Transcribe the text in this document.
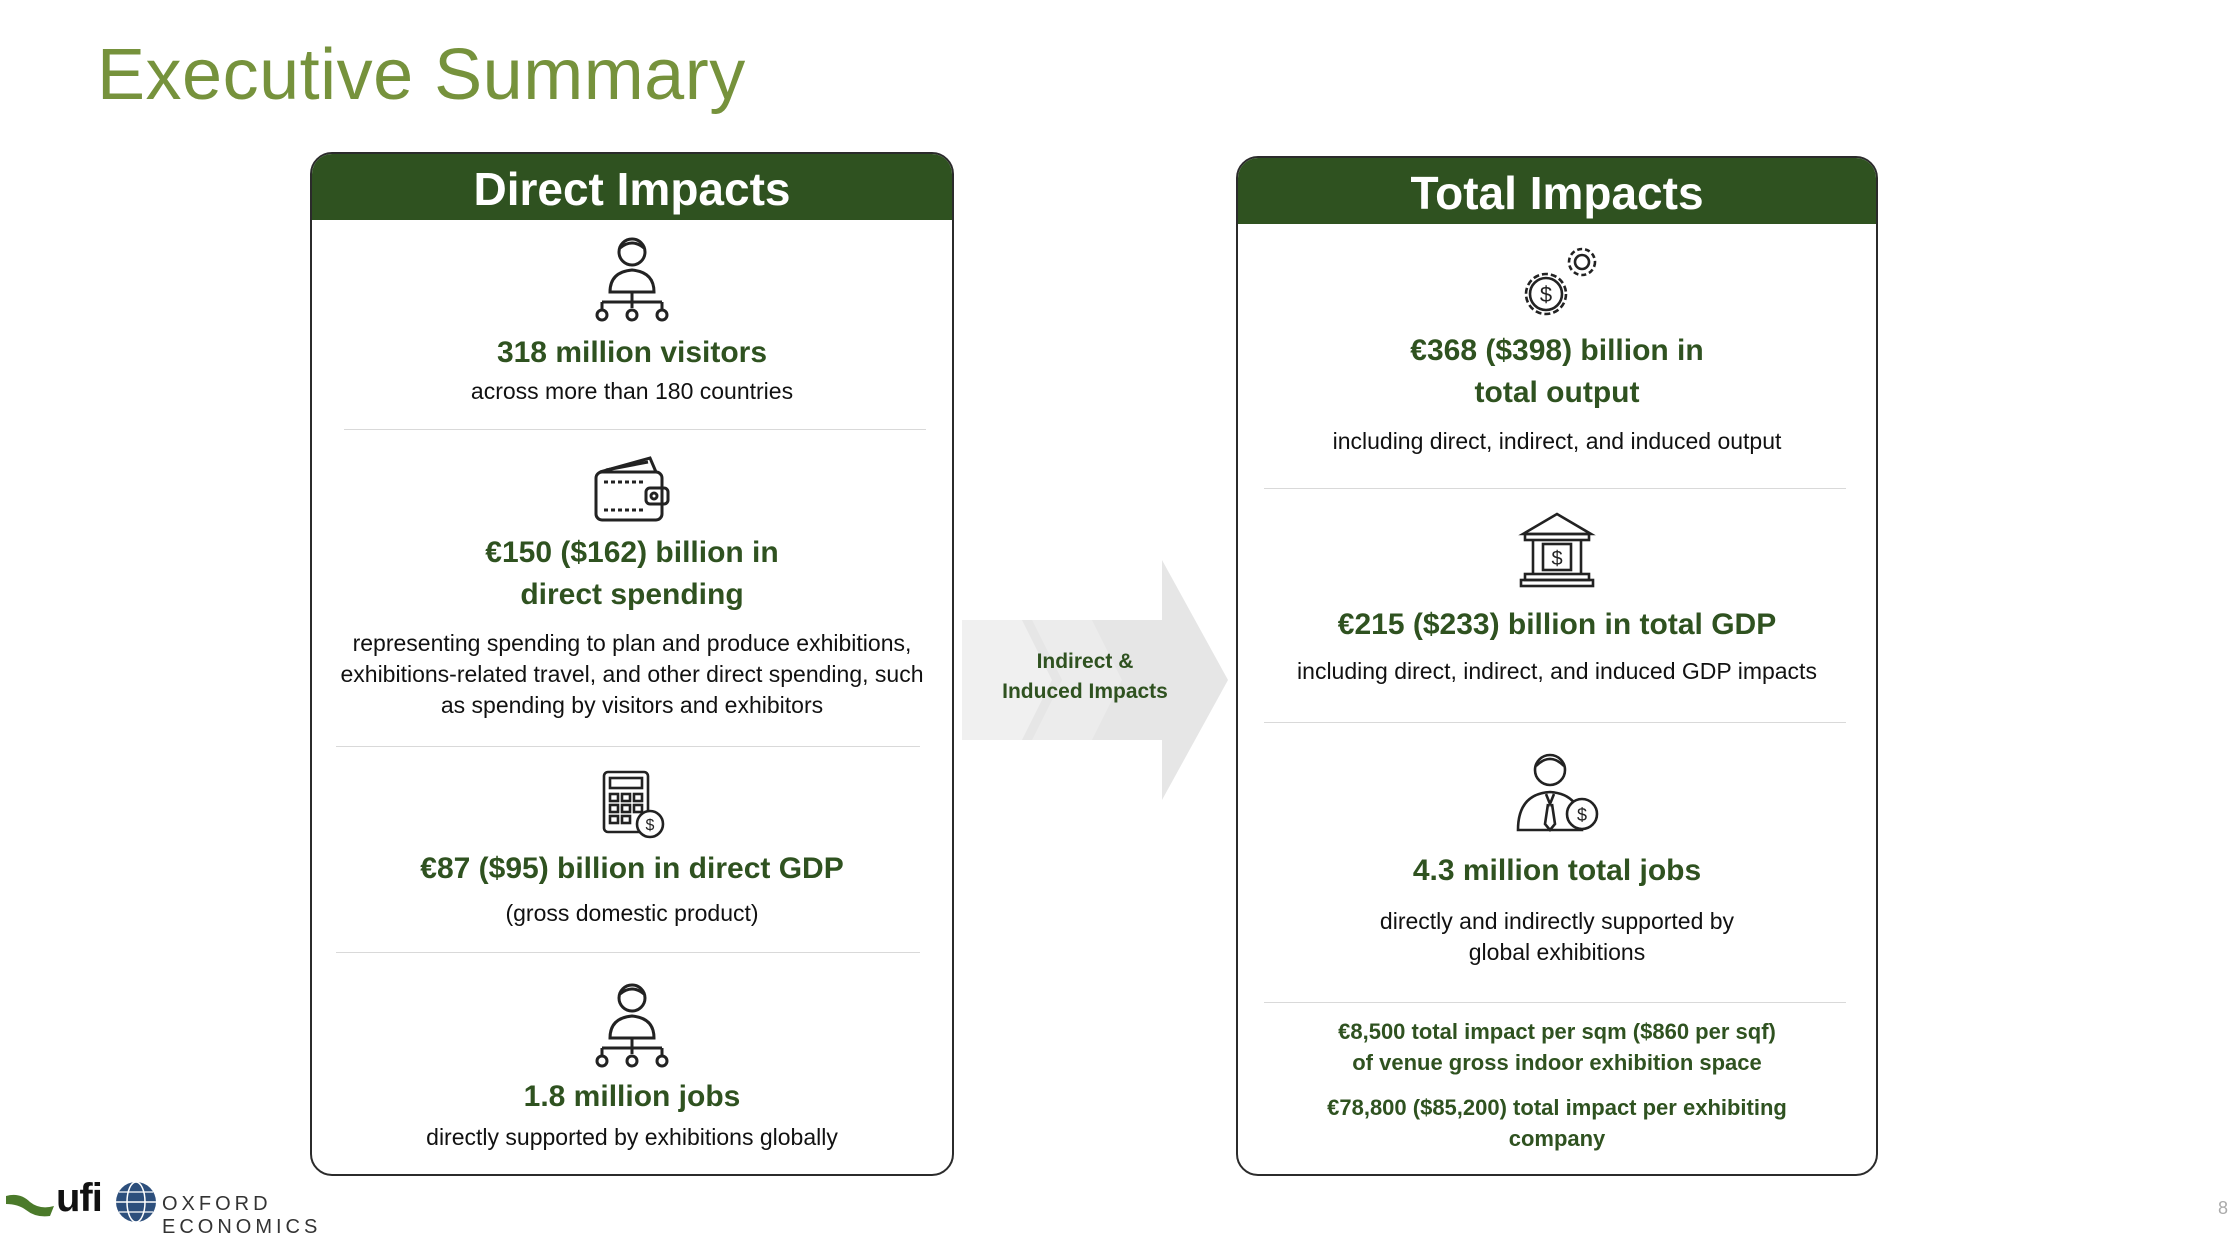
Executive Summary
Direct Impacts
318 million visitors
across more than 180 countries
€150 ($162) billion in
direct spending
representing spending to plan and produce exhibitions,
exhibitions-related travel, and other direct spending, such
as spending by visitors and exhibitors
$
€87 ($95) billion in direct GDP
(gross domestic product)
1.8 million jobs
directly supported by exhibitions globally
Indirect &
Induced Impacts
Total Impacts
$
€368 ($398) billion in
total output
including direct, indirect, and induced output
$
€215 ($233) billion in total GDP
including direct, indirect, and induced GDP impacts
$
4.3 million total jobs
directly and indirectly supported by
global exhibitions
€8,500 total impact per sqm ($860 per sqf)
of venue gross indoor exhibition space
€78,800 ($85,200) total impact per exhibiting
company
ufi	OXFORD ECONOMICS
8
